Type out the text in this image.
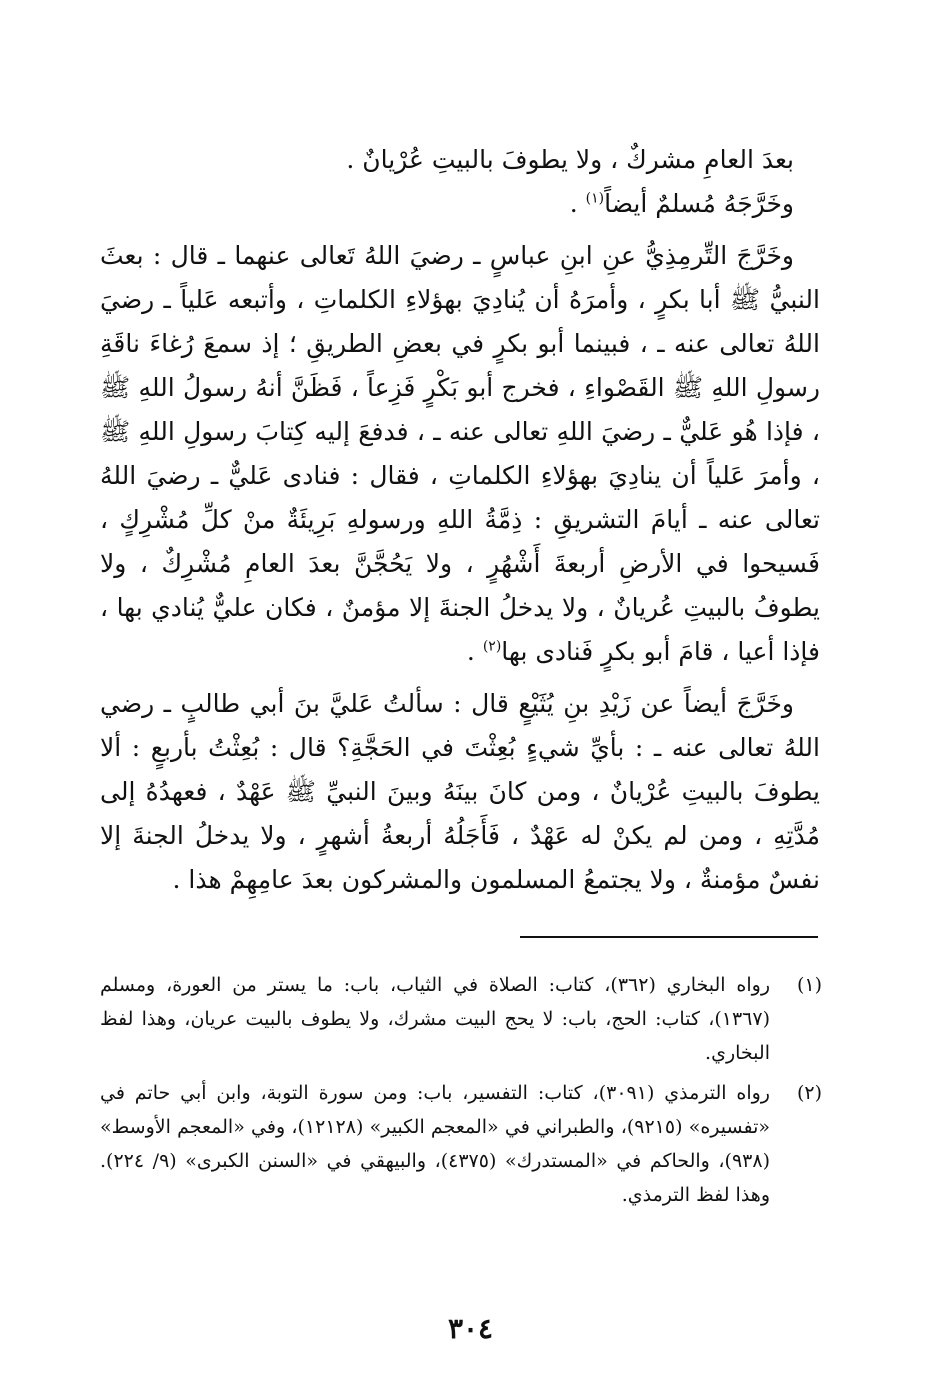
بعدَ العامِ مشركٌ ، ولا يطوفَ بالبيتِ عُرْيانٌ .

وخَرَّجَهُ مُسلمٌ أيضاً$^{(١)}$ .

وخَرَّجَ التِّرمِذِيُّ عنِ ابنِ عباسٍ ـ رضيَ اللهُ تَعالى عنهما ـ قال : بعثَ النبيُّ ﷺ أبا بكرٍ ، وأمرَهُ أن يُنادِيَ بهؤلاءِ الكلماتِ ، وأتبعه عَلياً ـ رضيَ اللهُ تعالى عنه ـ ، فبينما أبو بكرٍ في بعضِ الطريقِ ؛ إذ سمعَ رُغاءَ ناقَةِ رسولِ اللهِ ﷺ القَصْواءِ ، فخرج أبو بَكْرٍ فَزِعاً ، فَظَنَّ أنهُ رسولُ اللهِ ﷺ ، فإذا هُو عَليٌّ ـ رضيَ اللهِ تعالى عنه ـ ، فدفعَ إليه كِتابَ رسولِ اللهِ ﷺ ، وأمرَ عَلياً أن ينادِيَ بهؤلاءِ الكلماتِ ، فقال : فنادى عَليٌّ ـ رضيَ اللهُ تعالى عنه ـ أيامَ التشريقِ : ذِمَّةُ اللهِ ورسولهِ بَرِيئَةٌ منْ كلِّ مُشْرِكٍ ، فَسيحوا في الأرضِ أربعةَ أَشْهُرٍ ، ولا يَحُجَّنَّ بعدَ العامِ مُشْرِكٌ ، ولا يطوفُ بالبيتِ عُريانٌ ، ولا يدخلُ الجنةَ إلا مؤمنٌ ، فكان عليٌّ يُنادي بها ، فإذا أعيا ، قامَ أبو بكرٍ فَنادى بها$^{(٢)}$ .

وخَرَّجَ أيضاً عن زَيْدِ بنِ يُثَيْعٍ قال : سألتُ عَليَّ بنَ أبي طالبٍ ـ رضي اللهُ تعالى عنه ـ : بأيِّ شيءٍ بُعِثْتَ في الحَجَّةِ؟ قال : بُعِثْتُ بأربعٍ : ألا يطوفَ بالبيتِ عُرْيانٌ ، ومن كانَ بينَهُ وبينَ النبيِّ ﷺ عَهْدٌ ، فعهدُهُ إلى مُدَّتِهِ ، ومن لم يكنْ له عَهْدٌ ، فَأَجَلُهُ أربعةُ أشهرٍ ، ولا يدخلُ الجنةَ إلا نفسٌ مؤمنةٌ ، ولا يجتمعُ المسلمون والمشركون بعدَ عامِهِمْ هذا .

(١)
رواه البخاري (٣٦٢)، كتاب: الصلاة في الثياب، باب: ما يستر من العورة، ومسلم (١٣٦٧)، كتاب: الحج، باب: لا يحج البيت مشرك، ولا يطوف بالبيت عريان، وهذا لفظ البخاري.

(٢)
رواه الترمذي (٣٠٩١)، كتاب: التفسير، باب: ومن سورة التوبة، وابن أبي حاتم في «تفسيره» (٩٢١٥)، والطبراني في «المعجم الكبير» (١٢١٢٨)، وفي «المعجم الأوسط» (٩٣٨)، والحاكم في «المستدرك» (٤٣٧٥)، والبيهقي في «السنن الكبرى» (٩/ ٢٢٤). وهذا لفظ الترمذي.

٣٠٤
